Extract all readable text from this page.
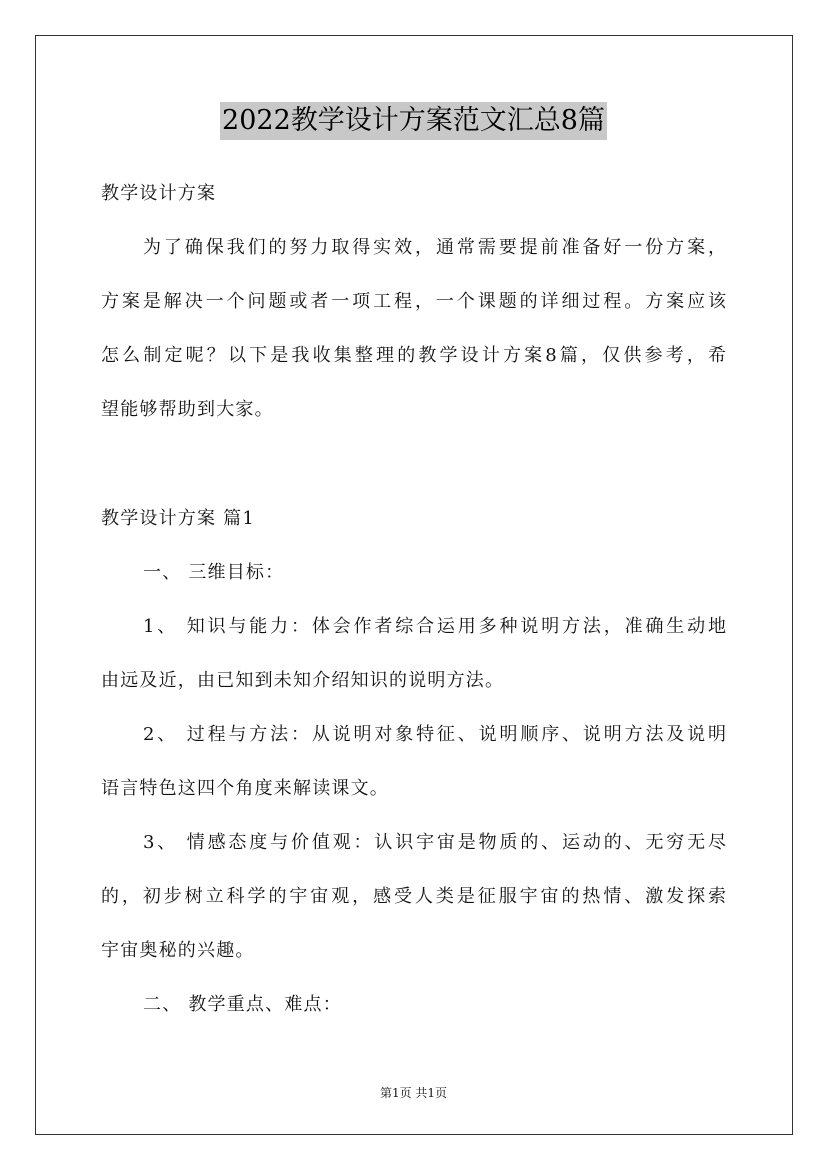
2022教学设计方案范文汇总8篇
教学设计方案
为了确保我们的努力取得实效，通常需要提前准备好一份方案，
方案是解决一个问题或者一项工程，一个课题的详细过程。方案应该
怎么制定呢？以下是我收集整理的教学设计方案8篇，仅供参考，希
望能够帮助到大家。
教学设计方案 篇1
一、 三维目标：
1、 知识与能力：体会作者综合运用多种说明方法，准确生动地
由远及近，由已知到未知介绍知识的说明方法。
2、 过程与方法：从说明对象特征、说明顺序、说明方法及说明
语言特色这四个角度来解读课文。
3、 情感态度与价值观：认识宇宙是物质的、运动的、无穷无尽
的，初步树立科学的宇宙观，感受人类是征服宇宙的热情、激发探索
宇宙奥秘的兴趣。
二、 教学重点、难点：
第1页 共1页
